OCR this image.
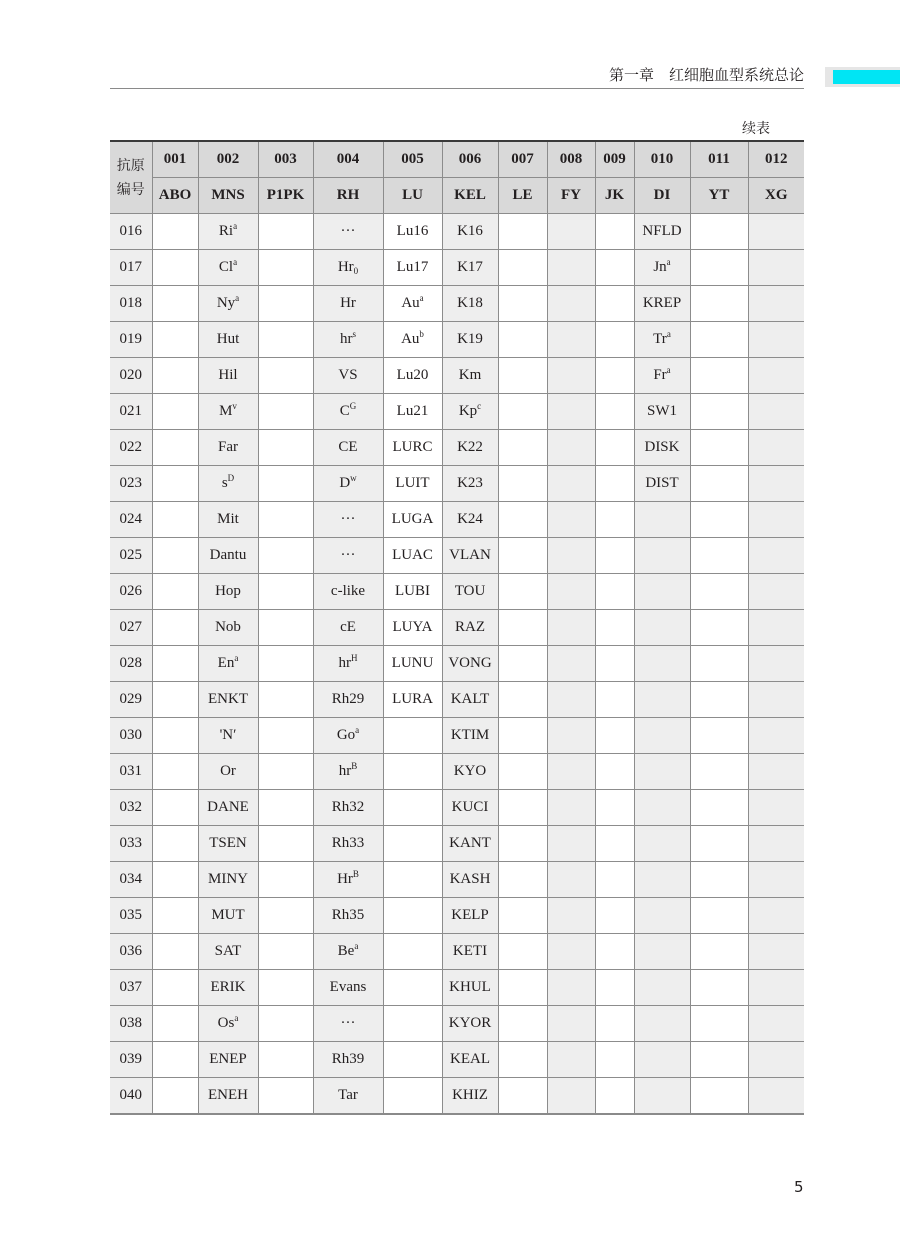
第一章　红细胞血型系统总论
续表
抗原
编号	001	002	003	004	005	006	007	008	009	010	011	012
	ABO	MNS	P1PK	RH	LU	KEL	LE	FY	JK	DI	YT	XG
016		Ri$^a$		···	Lu16	K16				NFLD		
017		Cl$^a$		$Hr_0$	Lu17	K17				Jn$^a$		
018		Ny$^a$		Hr	Au$^a$	K18				KREP		
019		Hut		$hr^s$	Au$^b$	K19				Tr$^a$		
020		Hil		VS	Lu20	Km				Fr$^a$		
021		$M^v$		$C^G$	Lu21	Kp$^c$				SW1		
022		Far		CE	LURC	K22				DISK		
023		$s^D$		$D^w$	LUIT	K23				DIST		
024		Mit		···	LUGA	K24						
025		Dantu		···	LUAC	VLAN						
026		Hop		c-like	LUBI	TOU						
027		Nob		cE	LUYA	RAZ						
028		En$^a$		$hr^H$	LUNU	VONG						
029		ENKT		Rh29	LURA	KALT						
030		'N′		Go$^a$		KTIM						
031		Or		$hr^B$		KYO						
032		DANE		Rh32		KUCI						
033		TSEN		Rh33		KANT						
034		MINY		$Hr^B$		KASH						
035		MUT		Rh35		KELP						
036		SAT		Be$^a$		KETI						
037		ERIK		Evans		KHUL						
038		Os$^a$		···		KYOR						
039		ENEP		Rh39		KEAL						
040		ENEH		Tar		KHIZ						
5
